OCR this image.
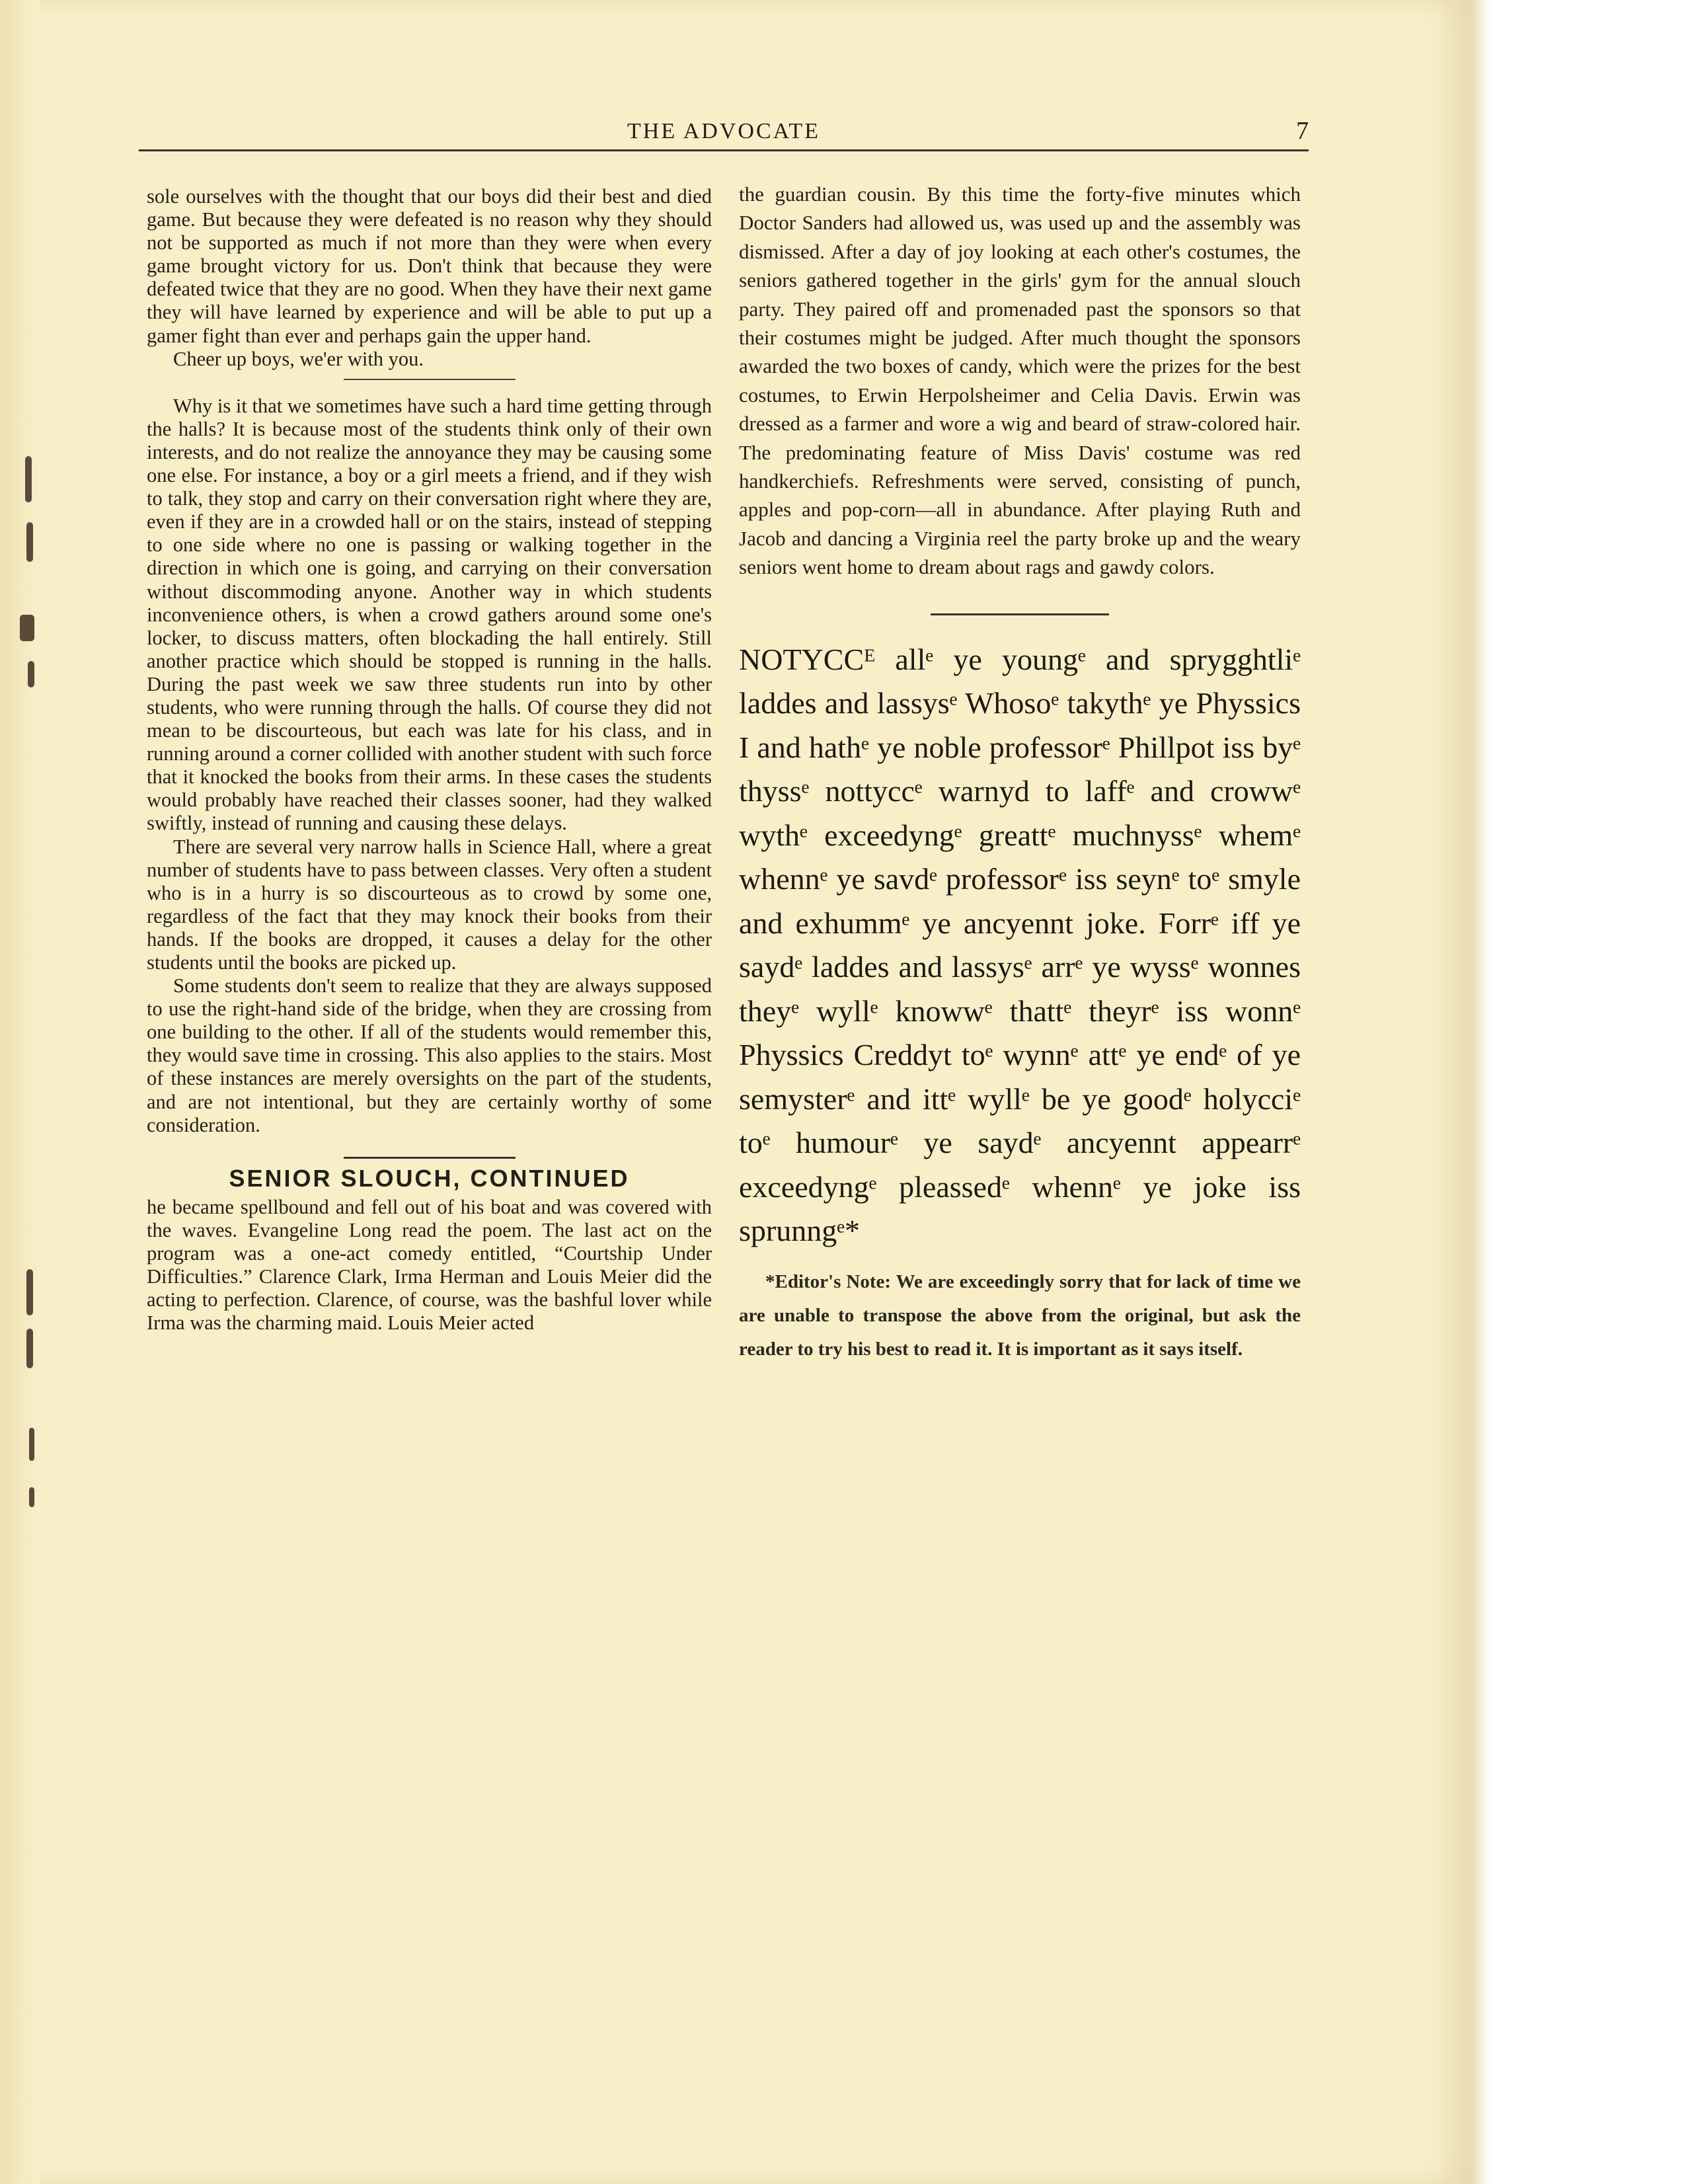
THE ADVOCATE	7

sole ourselves with the thought that our boys did their best and died game. But because they were defeated is no reason why they should not be supported as much if not more than they were when every game brought victory for us. Don't think that because they were defeated twice that they are no good. When they have their next game they will have learned by experience and will be able to put up a gamer fight than ever and perhaps gain the upper hand.

Cheer up boys, we'er with you.

Why is it that we sometimes have such a hard time getting through the halls? It is because most of the students think only of their own interests, and do not realize the annoyance they may be causing some one else. For instance, a boy or a girl meets a friend, and if they wish to talk, they stop and carry on their conversation right where they are, even if they are in a crowded hall or on the stairs, instead of stepping to one side where no one is passing or walking together in the direction in which one is going, and carrying on their conversation without discommoding anyone. Another way in which students inconvenience others, is when a crowd gathers around some one's locker, to discuss matters, often blockading the hall entirely. Still another practice which should be stopped is running in the halls. During the past week we saw three students run into by other students, who were running through the halls. Of course they did not mean to be discourteous, but each was late for his class, and in running around a corner collided with another student with such force that it knocked the books from their arms. In these cases the students would probably have reached their classes sooner, had they walked swiftly, instead of running and causing these delays.

There are several very narrow halls in Science Hall, where a great number of students have to pass between classes. Very often a student who is in a hurry is so discourteous as to crowd by some one, regardless of the fact that they may knock their books from their hands. If the books are dropped, it causes a delay for the other students until the books are picked up.

Some students don't seem to realize that they are always supposed to use the right-hand side of the bridge, when they are crossing from one building to the other. If all of the students would remember this, they would save time in crossing. This also applies to the stairs. Most of these instances are merely oversights on the part of the students, and are not intentional, but they are certainly worthy of some consideration.

SENIOR SLOUCH, CONTINUED

he became spellbound and fell out of his boat and was covered with the waves. Evangeline Long read the poem. The last act on the program was a one-act comedy entitled, “Courtship Under Difficulties.” Clarence Clark, Irma Herman and Louis Meier did the acting to perfection. Clarence, of course, was the bashful lover while Irma was the charming maid. Louis Meier acted

the guardian cousin. By this time the forty-five minutes which Doctor Sanders had allowed us, was used up and the assembly was dismissed. After a day of joy looking at each other's costumes, the seniors gathered together in the girls' gym for the annual slouch party. They paired off and promenaded past the sponsors so that their costumes might be judged. After much thought the sponsors awarded the two boxes of candy, which were the prizes for the best costumes, to Erwin Herpolsheimer and Celia Davis. Erwin was dressed as a farmer and wore a wig and beard of straw-colored hair. The predominating feature of Miss Davis' costume was red handkerchiefs. Refreshments were served, consisting of punch, apples and pop-corn—all in abundance. After playing Ruth and Jacob and dancing a Virginia reel the party broke up and the weary seniors went home to dream about rags and gawdy colors.

NOTYCCᴱ allᵉ ye youngᵉ and sprygghtliᵉ laddes and lassysᵉ Whosoᵉ takythᵉ ye Physsics I and hathᵉ ye noble professorᵉ Phillpot iss byᵉ thyssᵉ nottyccᵉ warnyd to laffᵉ and crowwᵉ wythᵉ exceedyngᵉ greattᵉ muchnyssᵉ whemᵉ whennᵉ ye savdᵉ professorᵉ iss seynᵉ toᵉ smyle and exhummᵉ ye ancyennt joke. Forrᵉ iff ye saydᵉ laddes and lassysᵉ arrᵉ ye wyssᵉ wonnes theyᵉ wyllᵉ knowwᵉ thattᵉ theyrᵉ iss wonnᵉ Physsics Creddyt toᵉ wynnᵉ attᵉ ye endᵉ of ye semysterᵉ and ittᵉ wyllᵉ be ye goodᵉ holycciᵉ toᵉ humourᵉ ye saydᵉ ancyennt appearrᵉ exceedyngᵉ pleassedᵉ whennᵉ ye joke iss sprunngᵉ*

*Editor's Note: We are exceedingly sorry that for lack of time we are unable to transpose the above from the original, but ask the reader to try his best to read it. It is important as it says itself.
